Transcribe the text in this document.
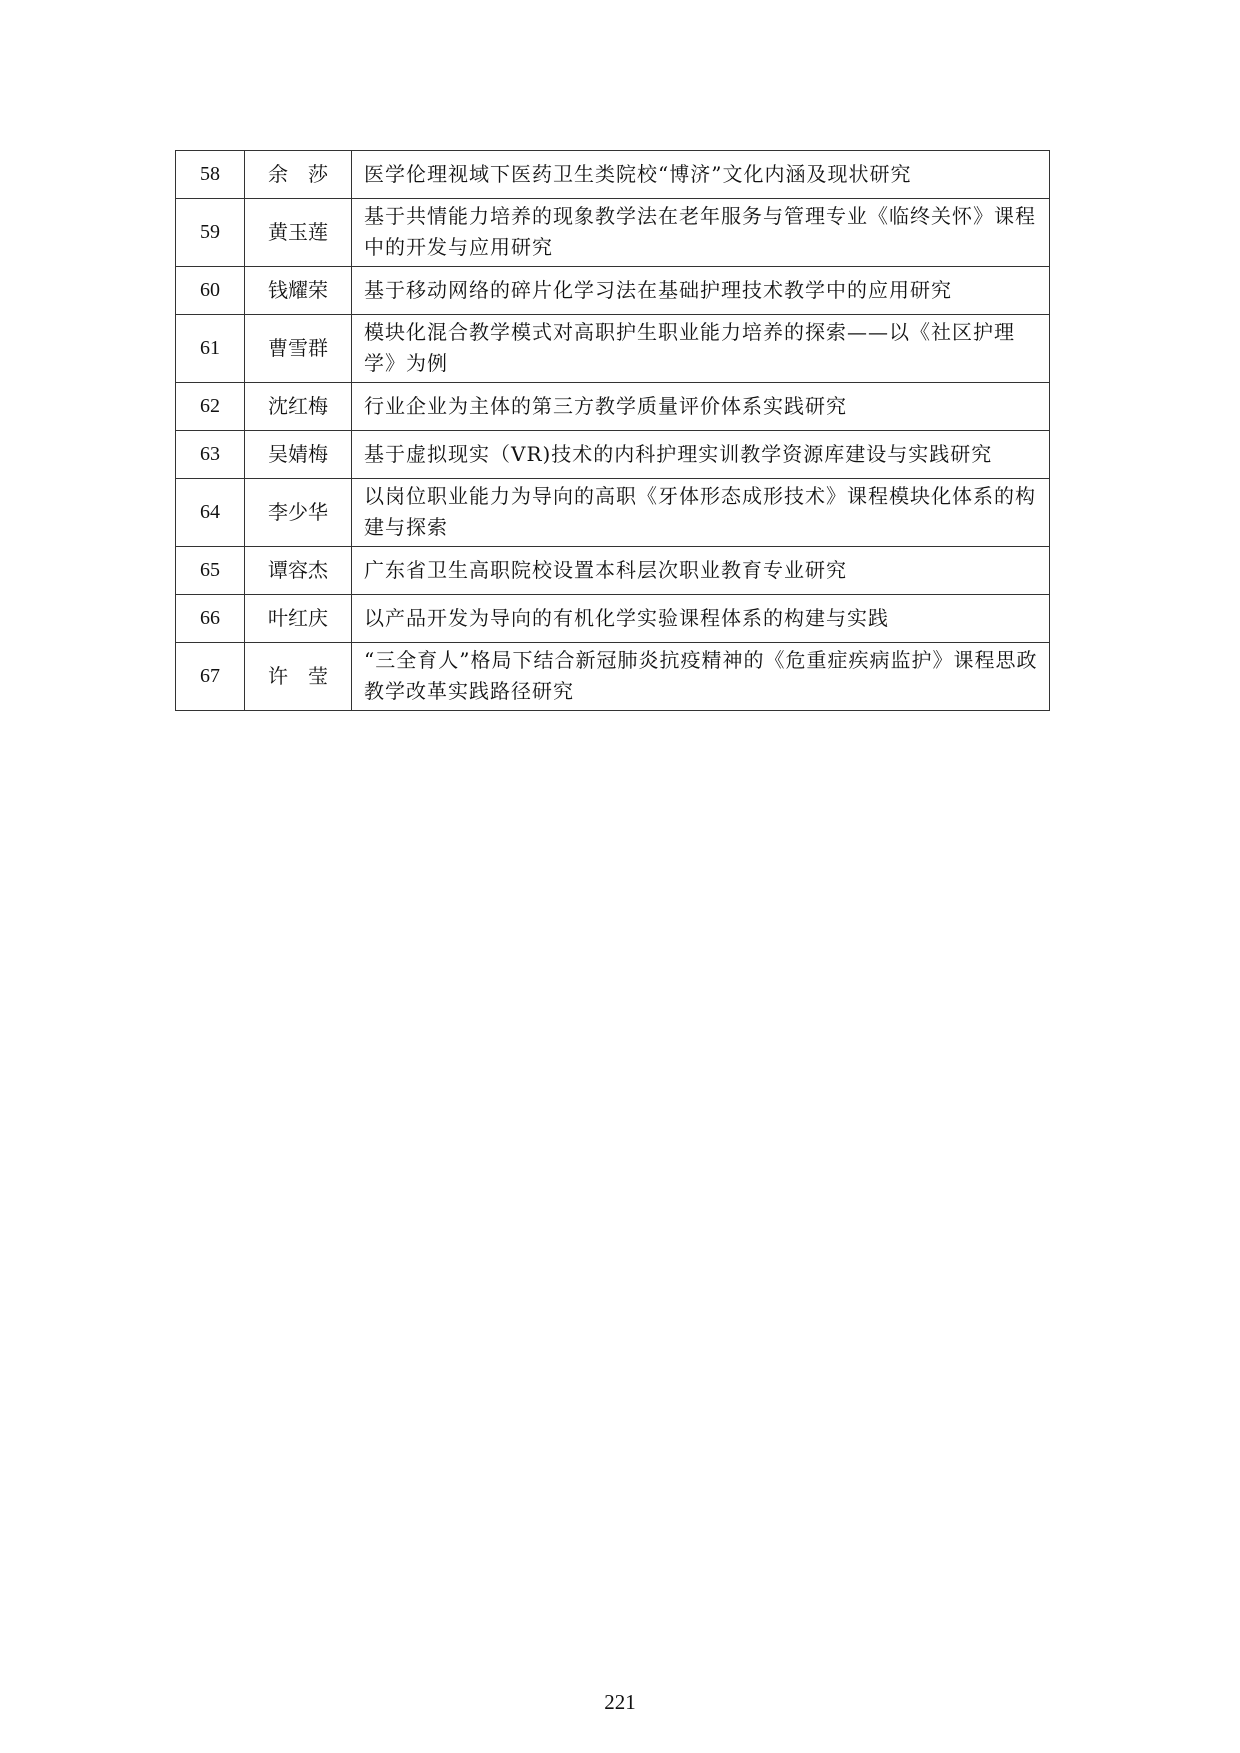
58	余　莎	医学伦理视域下医药卫生类院校“博济”文化内涵及现状研究
59	黄玉莲	基于共情能力培养的现象教学法在老年服务与管理专业《临终关怀》课程中的开发与应用研究
60	钱耀荣	基于移动网络的碎片化学习法在基础护理技术教学中的应用研究
61	曹雪群	模块化混合教学模式对高职护生职业能力培养的探索——以《社区护理学》为例
62	沈红梅	行业企业为主体的第三方教学质量评价体系实践研究
63	吴婧梅	基于虚拟现实（VR)技术的内科护理实训教学资源库建设与实践研究
64	李少华	以岗位职业能力为导向的高职《牙体形态成形技术》课程模块化体系的构建与探索
65	谭容杰	广东省卫生高职院校设置本科层次职业教育专业研究
66	叶红庆	以产品开发为导向的有机化学实验课程体系的构建与实践
67	许　莹	“三全育人”格局下结合新冠肺炎抗疫精神的《危重症疾病监护》课程思政教学改革实践路径研究
221
